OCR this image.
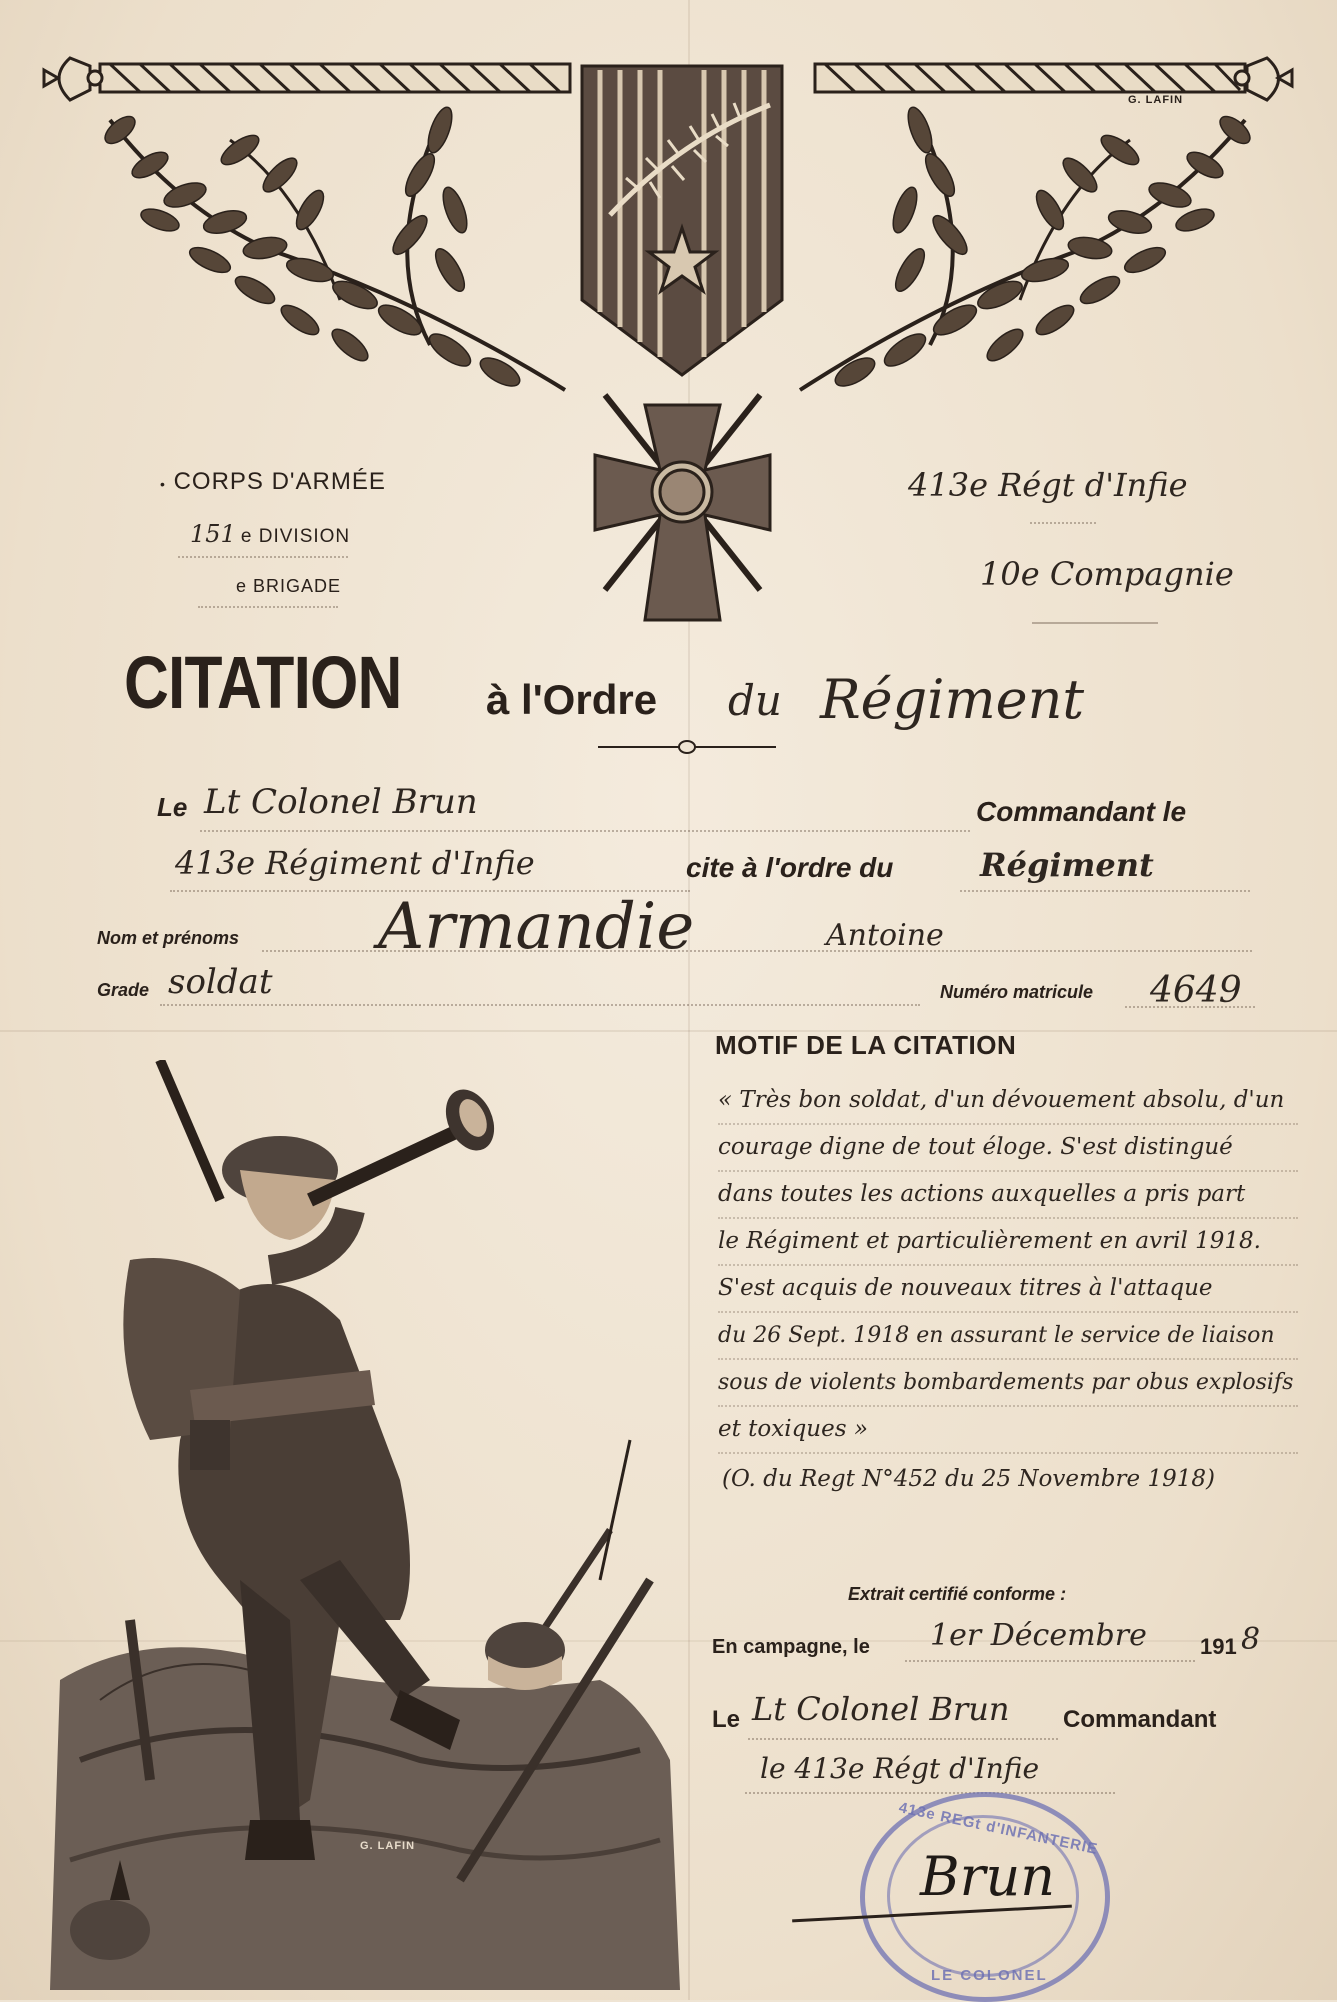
G. LAFIN
• CORPS D'ARMÉE
151 e DIVISION
e BRIGADE
413e Régt d'Infie
10e Compagnie
CITATION	à l'Ordre du Régiment
Le Lt Colonel Brun	Commandant le
413e Régiment d'Infie	cite à l'ordre du	Régiment
Nom et prénoms Armandie	Antoine
Grade soldat	Numéro matricule 4649
MOTIF DE LA CITATION
« Très bon soldat, d'un dévouement absolu, d'un
courage digne de tout éloge. S'est distingué
dans toutes les actions auxquelles a pris part
le Régiment et particulièrement en avril 1918.
S'est acquis de nouveaux titres à l'attaque
du 26 Sept. 1918 en assurant le service de liaison
sous de violents bombardements par obus explosifs
et toxiques »
(O. du Regt N°452 du 25 Novembre 1918)
G. LAFIN
Extrait certifié conforme :
En campagne, le 1er Décembre 191 8
Le Lt Colonel Brun Commandant
le 413e Régt d'Infie
413e REGt d'INFANTERIE
LE COLONEL
Brun
